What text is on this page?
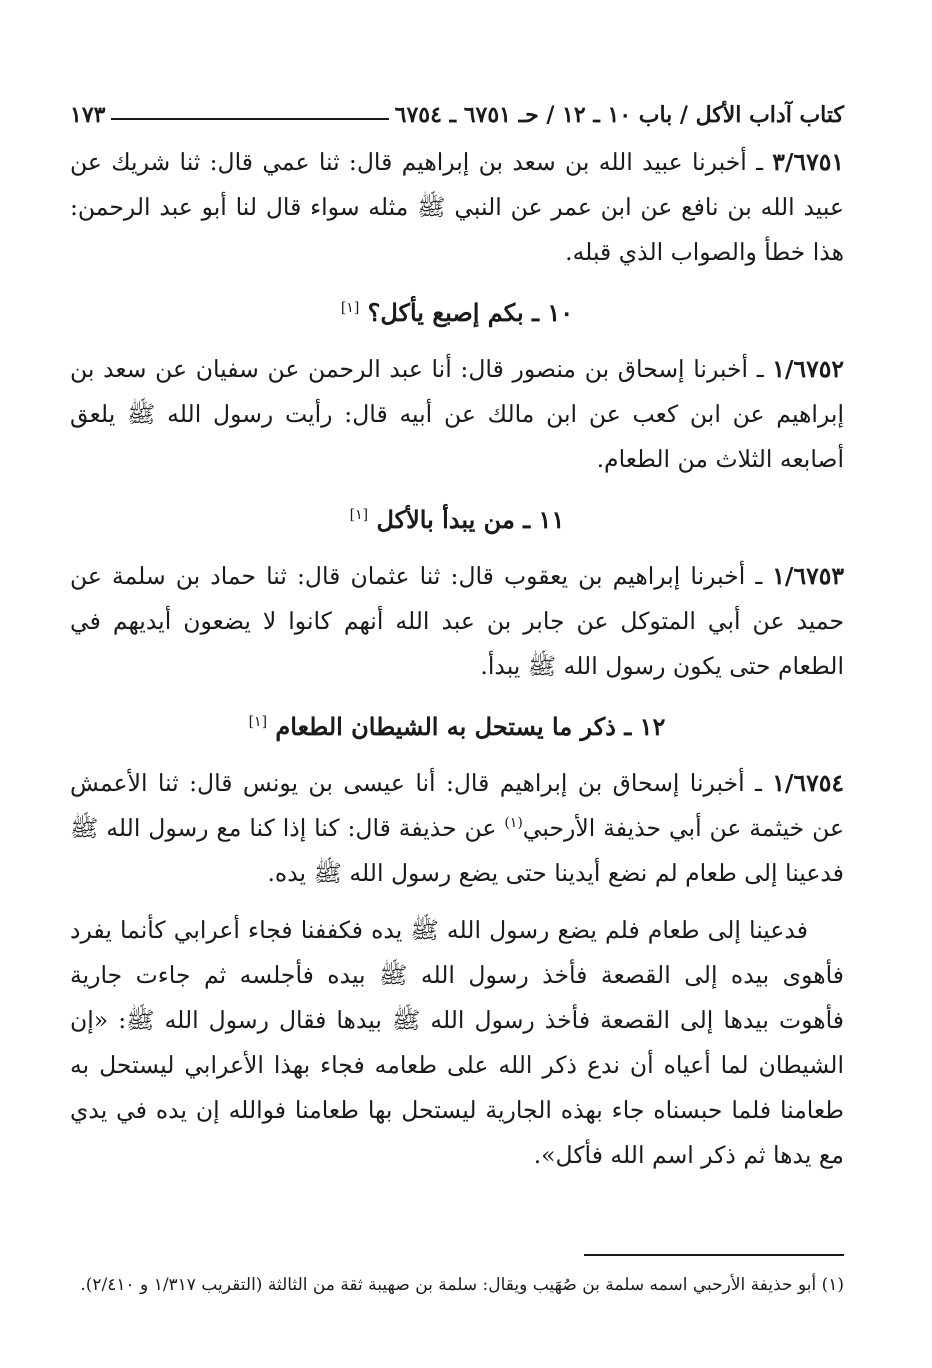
كتاب آداب الأكل / باب ١٠ ـ ١٢ / حـ ٦٧٥١ ـ ٦٧٥٤
١٧٣

٣/٦٧٥١ ـ أخبرنا عبيد الله بن سعد بن إبراهيم قال: ثنا عمي قال: ثنا شريك عن عبيد الله بن نافع عن ابن عمر عن النبي ﷺ مثله سواء قال لنا أبو عبد الرحمن: هذا خطأ والصواب الذي قبله.

١٠ ـ بكم إصبع يأكل؟ [١]

١/٦٧٥٢ ـ أخبرنا إسحاق بن منصور قال: أنا عبد الرحمن عن سفيان عن سعد بن إبراهيم عن ابن كعب عن ابن مالك عن أبيه قال: رأيت رسول الله ﷺ يلعق أصابعه الثلاث من الطعام.

١١ ـ من يبدأ بالأكل [١]

١/٦٧٥٣ ـ أخبرنا إبراهيم بن يعقوب قال: ثنا عثمان قال: ثنا حماد بن سلمة عن حميد عن أبي المتوكل عن جابر بن عبد الله أنهم كانوا لا يضعون أيديهم في الطعام حتى يكون رسول الله ﷺ يبدأ.

١٢ ـ ذكر ما يستحل به الشيطان الطعام [١]

١/٦٧٥٤ ـ أخبرنا إسحاق بن إبراهيم قال: أنا عيسى بن يونس قال: ثنا الأعمش عن خيثمة عن أبي حذيفة الأرحبي$^{(١)}$ عن حذيفة قال: كنا إذا كنا مع رسول الله ﷺ فدعينا إلى طعام لم نضع أيدينا حتى يضع رسول الله ﷺ يده.

فدعينا إلى طعام فلم يضع رسول الله ﷺ يده فكففنا فجاء أعرابي كأنما يفرد فأهوى بيده إلى القصعة فأخذ رسول الله ﷺ بيده فأجلسه ثم جاءت جارية فأهوت بيدها إلى القصعة فأخذ رسول الله ﷺ بيدها فقال رسول الله ﷺ: «إن الشيطان لما أعياه أن ندع ذكر الله على طعامه فجاء بهذا الأعرابي ليستحل به طعامنا فلما حبسناه جاء بهذه الجارية ليستحل بها طعامنا فوالله إن يده في يدي مع يدها ثم ذكر اسم الله فأكل».

(١) أبو حذيفة الأرحبي اسمه سلمة بن صُهَيب ويقال: سلمة بن صهيبة ثقة من الثالثة (التقريب ١/٣١٧ و ٢/٤١٠).
